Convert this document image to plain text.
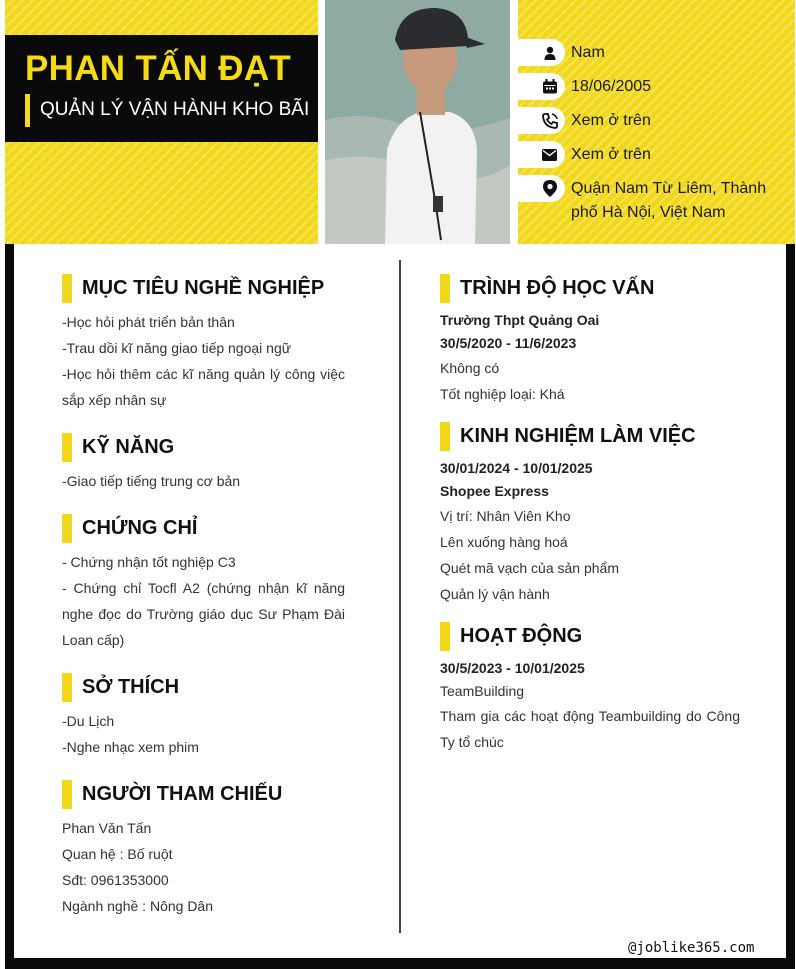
PHAN TẤN ĐẠT
QUẢN LÝ VẬN HÀNH KHO BÃI
Nam
18/06/2005
Xem ở trên
Xem ở trên
Quận Nam Từ Liêm, Thành phố Hà Nội, Việt Nam
MỤC TIÊU NGHỀ NGHIỆP
-Học hỏi phát triển bản thân
-Trau dồi kĩ năng giao tiếp ngoại ngữ
-Học hỏi thêm các kĩ năng quản lý công việc sắp xếp nhân sự
KỸ NĂNG
-Giao tiếp tiếng trung cơ bản
CHỨNG CHỈ
- Chứng nhận tốt nghiệp C3
- Chứng chỉ Tocfl A2 (chứng nhận kĩ năng nghe đọc do Trường giáo dục Sư Phạm Đài Loan cấp)
SỞ THÍCH
-Du Lịch
-Nghe nhạc xem phim
NGƯỜI THAM CHIẾU
Phan Văn Tấn
Quan hệ : Bố ruột
Sđt: 0961353000
Ngành nghề : Nông Dân
TRÌNH ĐỘ HỌC VẤN
Trường Thpt Quảng Oai
30/5/2020 - 11/6/2023
Không có
Tốt nghiệp loại: Khá
KINH NGHIỆM LÀM VIỆC
30/01/2024 - 10/01/2025
Shopee Express
Vị trí: Nhân Viên Kho
Lên xuống hàng hoá
Quét mã vạch của sản phẩm
Quản lý vận hành
HOẠT ĐỘNG
30/5/2023 - 10/01/2025
TeamBuilding
Tham gia các hoạt động Teambuilding do Công Ty tổ chúc
@joblike365.com
